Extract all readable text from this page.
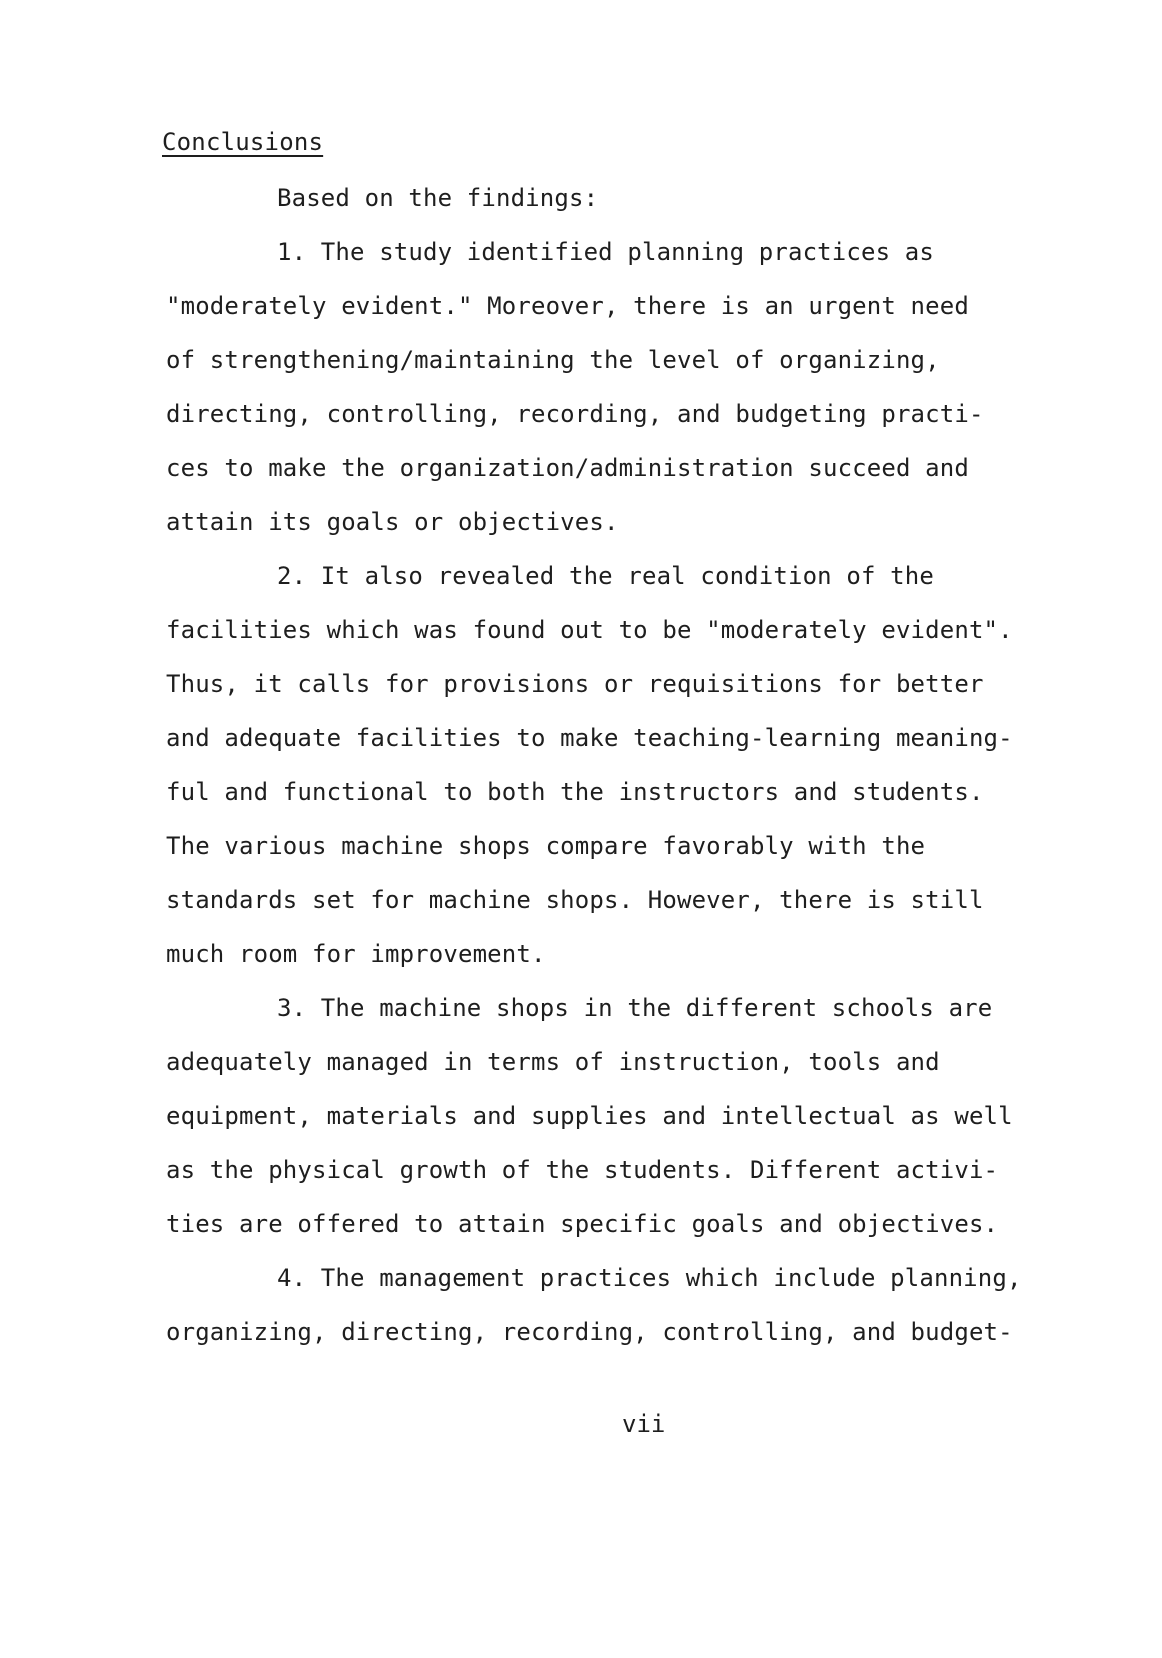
Conclusions
Based on the findings:
1. The study identified planning practices as
"moderately evident." Moreover, there is an urgent need
of strengthening/maintaining the level of organizing,
directing, controlling, recording, and budgeting practi-
ces to make the organization/administration succeed and
attain its goals or objectives.
2. It also revealed the real condition of the
facilities which was found out to be "moderately evident".
Thus, it calls for provisions or requisitions for better
and adequate facilities to make teaching-learning meaning-
ful and functional to both the instructors and students.
The various machine shops compare favorably with the
standards set for machine shops. However, there is still
much room for improvement.
3. The machine shops in the different schools are
adequately managed in terms of instruction, tools and
equipment, materials and supplies and intellectual as well
as the physical growth of the students. Different activi-
ties are offered to attain specific goals and objectives.
4. The management practices which include planning,
organizing, directing, recording, controlling, and budget-
vii
